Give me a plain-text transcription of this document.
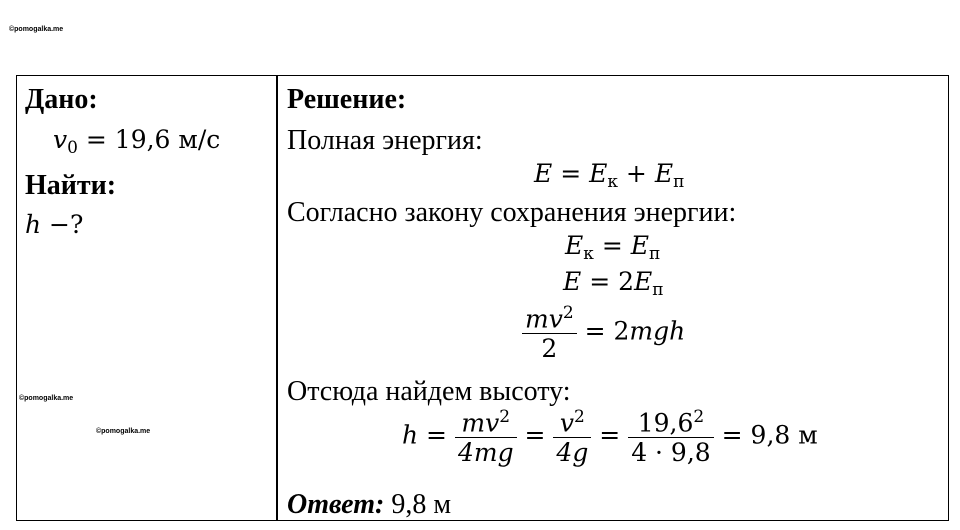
©pomogalka.me
©pomogalka.me
©pomogalka.me
Дано:
$v_0 = 19,6$ м/с
Найти:
h −?
Решение:
Полная энергия:
$E = E_к + E_п$
Согласно закону сохранения энергии:
$E_к = E_п$
$E = 2E_п$
$\frac{mv^2}{2} = 2mgh$
Отсюда найдем высоту:
$h = \frac{mv^2}{4mg} = \frac{v^2}{4g} = \frac{19,6^2}{4 \cdot 9,8} = 9,8$ м
Ответ: 9,8 м
